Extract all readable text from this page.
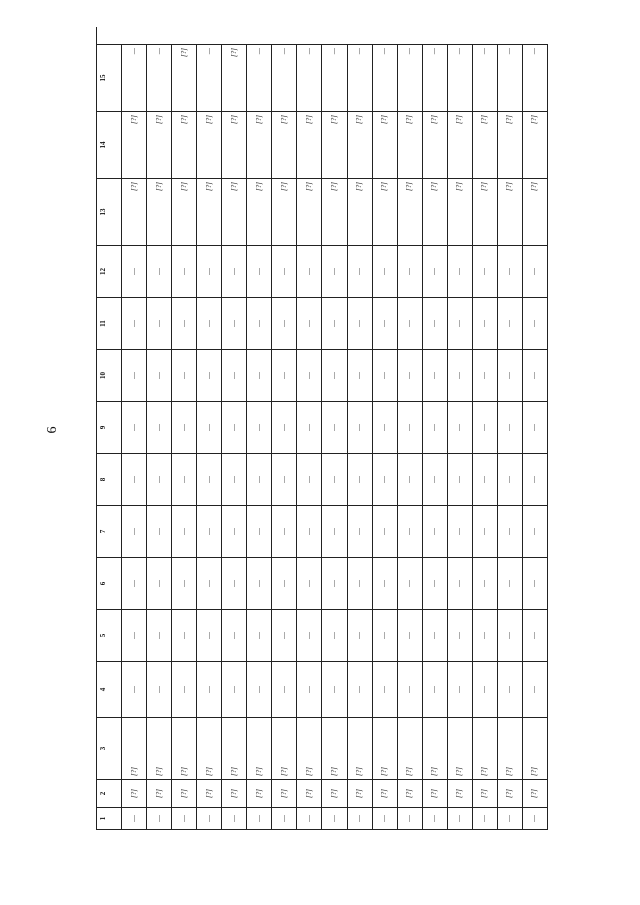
6
1
2
3
4
5
6
7
8
9
10
11
12
13
14
15
—
[?]
[?]
—
—
—
—
—
—
—
—
—
[?]
[?]
—
—
[?]
[?]
—
—
—
—
—
—
—
—
—
[?]
[?]
—
—
[?]
[?]
—
—
—
—
—
—
—
—
—
[?]
[?]
[?]
—
[?]
[?]
—
—
—
—
—
—
—
—
—
[?]
[?]
—
—
[?]
[?]
—
—
—
—
—
—
—
—
—
[?]
[?]
[?]
—
[?]
[?]
—
—
—
—
—
—
—
—
—
[?]
[?]
—
—
[?]
[?]
—
—
—
—
—
—
—
—
—
[?]
[?]
—
—
[?]
[?]
—
—
—
—
—
—
—
—
—
[?]
[?]
—
—
[?]
[?]
—
—
—
—
—
—
—
—
—
[?]
[?]
—
—
[?]
[?]
—
—
—
—
—
—
—
—
—
[?]
[?]
—
—
[?]
[?]
—
—
—
—
—
—
—
—
—
[?]
[?]
—
—
[?]
[?]
—
—
—
—
—
—
—
—
—
[?]
[?]
—
—
[?]
[?]
—
—
—
—
—
—
—
—
—
[?]
[?]
—
—
[?]
[?]
—
—
—
—
—
—
—
—
—
[?]
[?]
—
—
[?]
[?]
—
—
—
—
—
—
—
—
—
[?]
[?]
—
—
[?]
[?]
—
—
—
—
—
—
—
—
—
[?]
[?]
—
—
[?]
[?]
—
—
—
—
—
—
—
—
—
[?]
[?]
—
